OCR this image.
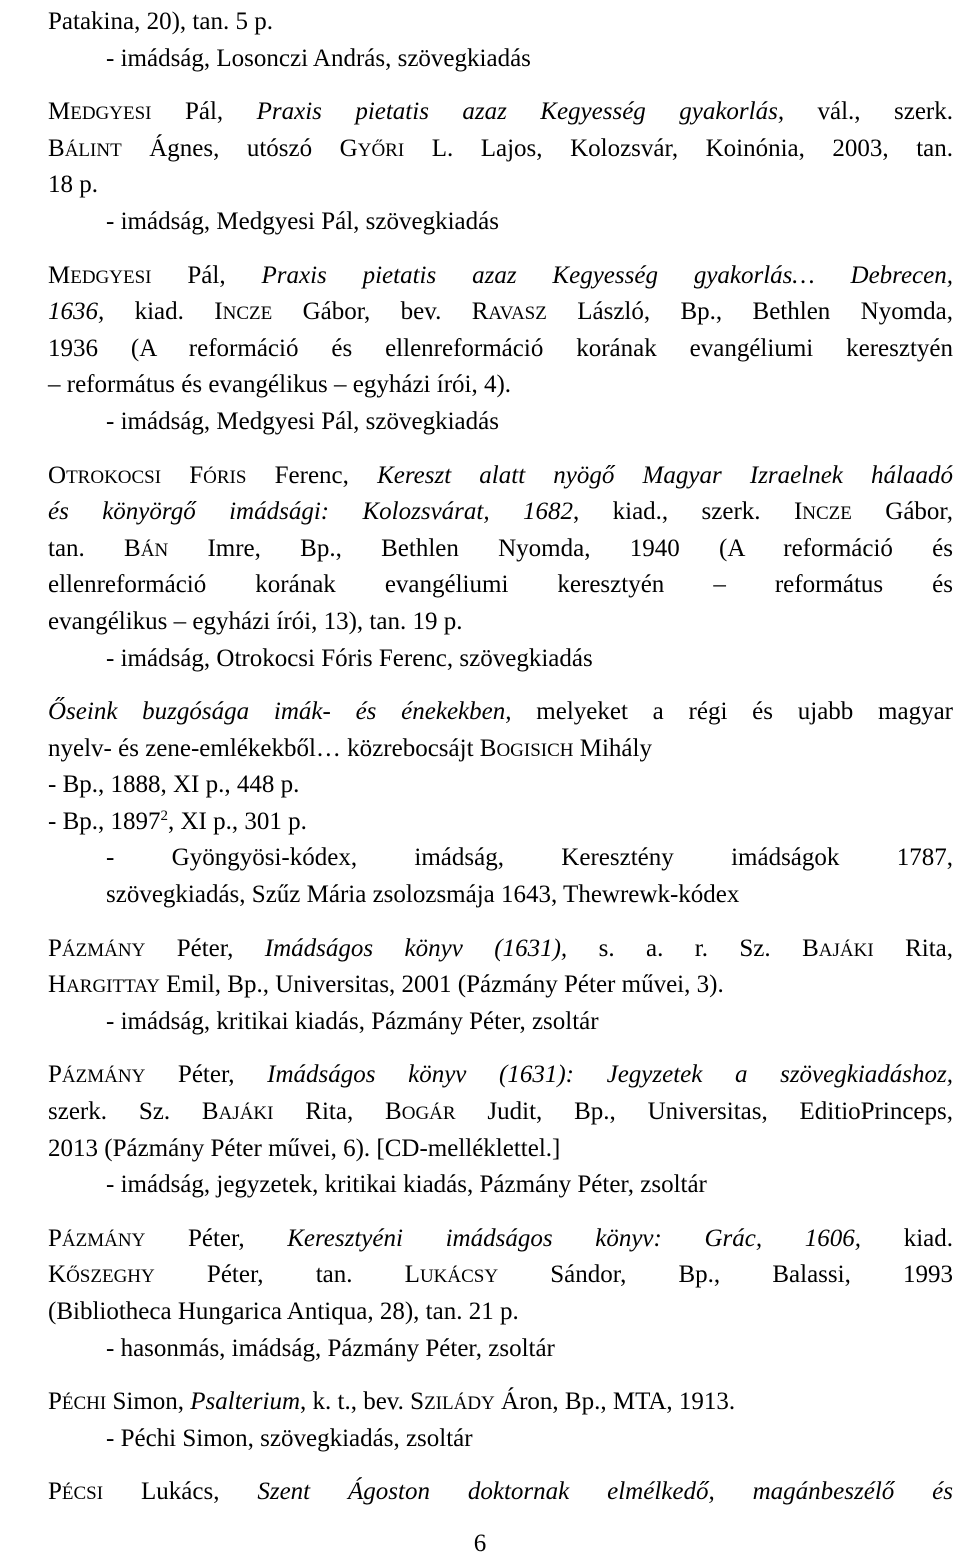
Patakina, 20), tan. 5 p.
- imádság, Losonczi András, szövegkiadás
MEDGYESI Pál, Praxis pietatis azaz Kegyesség gyakorlás, vál., szerk.
BÁLINT Ágnes, utószó GYŐRI L. Lajos, Kolozsvár, Koinónia, 2003, tan.
18 p.
- imádság, Medgyesi Pál, szövegkiadás
MEDGYESI Pál, Praxis pietatis azaz Kegyesség gyakorlás… Debrecen,
1636, kiad. INCZE Gábor, bev. RAVASZ László, Bp., Bethlen Nyomda,
1936 (A reformáció és ellenreformáció korának evangéliumi keresztyén
– református és evangélikus – egyházi írói, 4).
- imádság, Medgyesi Pál, szövegkiadás
OTROKOCSI FÓRIS Ferenc, Kereszt alatt nyögő Magyar Izraelnek hálaadó
és könyörgő imádsági: Kolozsvárat, 1682, kiad., szerk. INCZE Gábor,
tan. BÁN Imre, Bp., Bethlen Nyomda, 1940 (A reformáció és
ellenreformáció korának evangéliumi keresztyén – református és
evangélikus – egyházi írói, 13), tan. 19 p.
- imádság, Otrokocsi Fóris Ferenc, szövegkiadás
Őseink buzgósága imák- és énekekben, melyeket a régi és ujabb magyar
nyelv- és zene-emlékekből… közrebocsájt BOGISICH Mihály
- Bp., 1888, XI p., 448 p.
- Bp., 1897$^2$, XI p., 301 p.
- Gyöngyösi-kódex, imádság, Keresztény imádságok 1787,
szövegkiadás, Szűz Mária zsolozsmája 1643, Thewrewk-kódex
PÁZMÁNY Péter, Imádságos könyv (1631), s. a. r. Sz. BAJÁKI Rita,
HARGITTAY Emil, Bp., Universitas, 2001 (Pázmány Péter művei, 3).
- imádság, kritikai kiadás, Pázmány Péter, zsoltár
PÁZMÁNY Péter, Imádságos könyv (1631): Jegyzetek a szövegkiadáshoz,
szerk. Sz. BAJÁKI Rita, BOGÁR Judit, Bp., Universitas, EditioPrinceps,
2013 (Pázmány Péter művei, 6). [CD-melléklettel.]
- imádság, jegyzetek, kritikai kiadás, Pázmány Péter, zsoltár
PÁZMÁNY Péter, Keresztyéni imádságos könyv: Grác, 1606, kiad.
KŐSZEGHY Péter, tan. LUKÁCSY Sándor, Bp., Balassi, 1993
(Bibliotheca Hungarica Antiqua, 28), tan. 21 p.
- hasonmás, imádság, Pázmány Péter, zsoltár
PÉCHI Simon, Psalterium, k. t., bev. SZILÁDY Áron, Bp., MTA, 1913.
- Péchi Simon, szövegkiadás, zsoltár
PÉCSI Lukács, Szent Ágoston doktornak elmélkedő, magánbeszélő és
6
